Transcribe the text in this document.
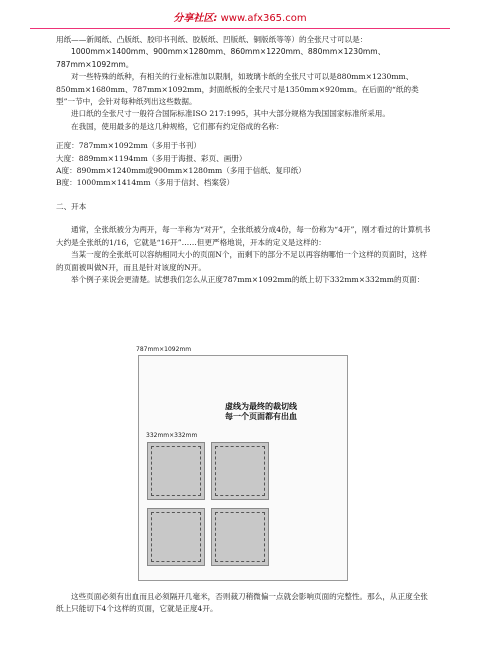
分享社区: www.afx365.com

用纸——新闻纸、凸版纸、胶印书刊纸、胶版纸、凹版纸、铜版纸等等）的全张尺寸可以是：

1000mm×1400mm、900mm×1280mm、860mm×1220mm、880mm×1230mm、787mm×1092mm。

对一些特殊的纸种，有相关的行业标准加以限制，如玻璃卡纸的全张尺寸可以是880mm×1230mm、850mm×1680mm、787mm×1092mm，封面纸板的全张尺寸是1350mm×920mm。在后面的“纸的类型”一节中，会针对每种纸列出这些数据。

进口纸的全张尺寸一般符合国际标准ISO 217:1995，其中大部分规格为我国国家标准所采用。

在我国，使用最多的是这几种规格，它们都有约定俗成的名称：

正度：787mm×1092mm（多用于书刊）

大度：889mm×1194mm（多用于海报、彩页、画册）

A度：890mm×1240mm或900mm×1280mm（多用于信纸、复印纸）

B度：1000mm×1414mm（多用于信封、档案袋）

二、开本

通常，全张纸被分为两开，每一半称为“对开”，全张纸被分成4份，每一份称为“4开”，刚才看过的计算机书大约是全张纸的1/16，它就是“16开”……但更严格地说，开本的定义是这样的：

当某一度的全张纸可以容纳相同大小的页面N个，而剩下的部分不足以再容纳哪怕一个这样的页面时，这样的页面被叫做N开，而且是针对该度的N开。

举个例子来说会更清楚。试想我们怎么从正度787mm×1092mm的纸上切下332mm×332mm的页面：

787mm×1092mm
虚线为最终的裁切线
每一个页面都有出血
332mm×332mm

这些页面必须有出血而且必须隔开几毫米，否则裁刀稍微偏一点就会影响页面的完整性。那么，从正度全张纸上只能切下4个这样的页面，它就是正度4开。
